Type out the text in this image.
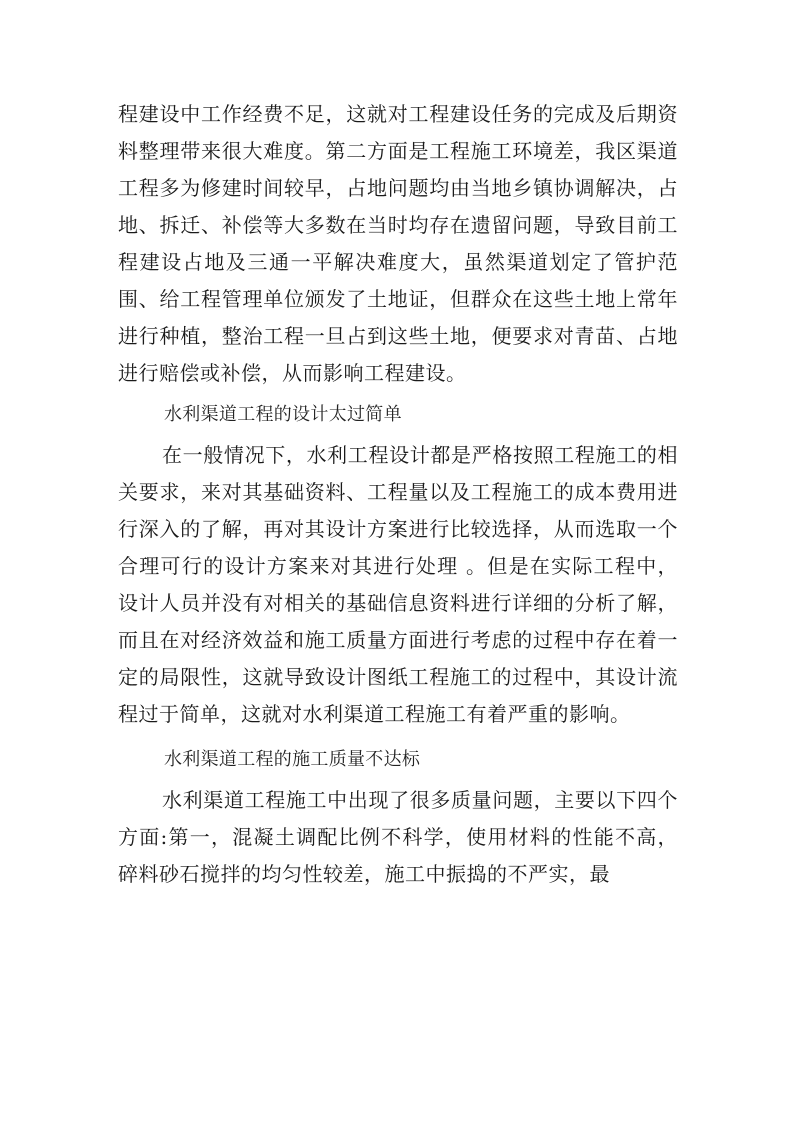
程建设中工作经费不足，这就对工程建设任务的完成及后期资料整理带来很大难度。第二方面是工程施工环境差，我区渠道工程多为修建时间较早，占地问题均由当地乡镇协调解决，占地、拆迁、补偿等大多数在当时均存在遗留问题，导致目前工程建设占地及三通一平解决难度大，虽然渠道划定了管护范围、给工程管理单位颁发了土地证，但群众在这些土地上常年进行种植，整治工程一旦占到这些土地，便要求对青苗、占地进行赔偿或补偿，从而影响工程建设。

水利渠道工程的设计太过简单

在一般情况下，水利工程设计都是严格按照工程施工的相关要求，来对其基础资料、工程量以及工程施工的成本费用进行深入的了解，再对其设计方案进行比较选择，从而选取一个合理可行的设计方案来对其进行处理 。但是在实际工程中，设计人员并没有对相关的基础信息资料进行详细的分析了解，而且在对经济效益和施工质量方面进行考虑的过程中存在着一定的局限性，这就导致设计图纸工程施工的过程中，其设计流程过于简单，这就对水利渠道工程施工有着严重的影响。

水利渠道工程的施工质量不达标

水利渠道工程施工中出现了很多质量问题，主要以下四个方面:第一，混凝土调配比例不科学，使用材料的性能不高，碎料砂石搅拌的均匀性较差，施工中振捣的不严实，最
